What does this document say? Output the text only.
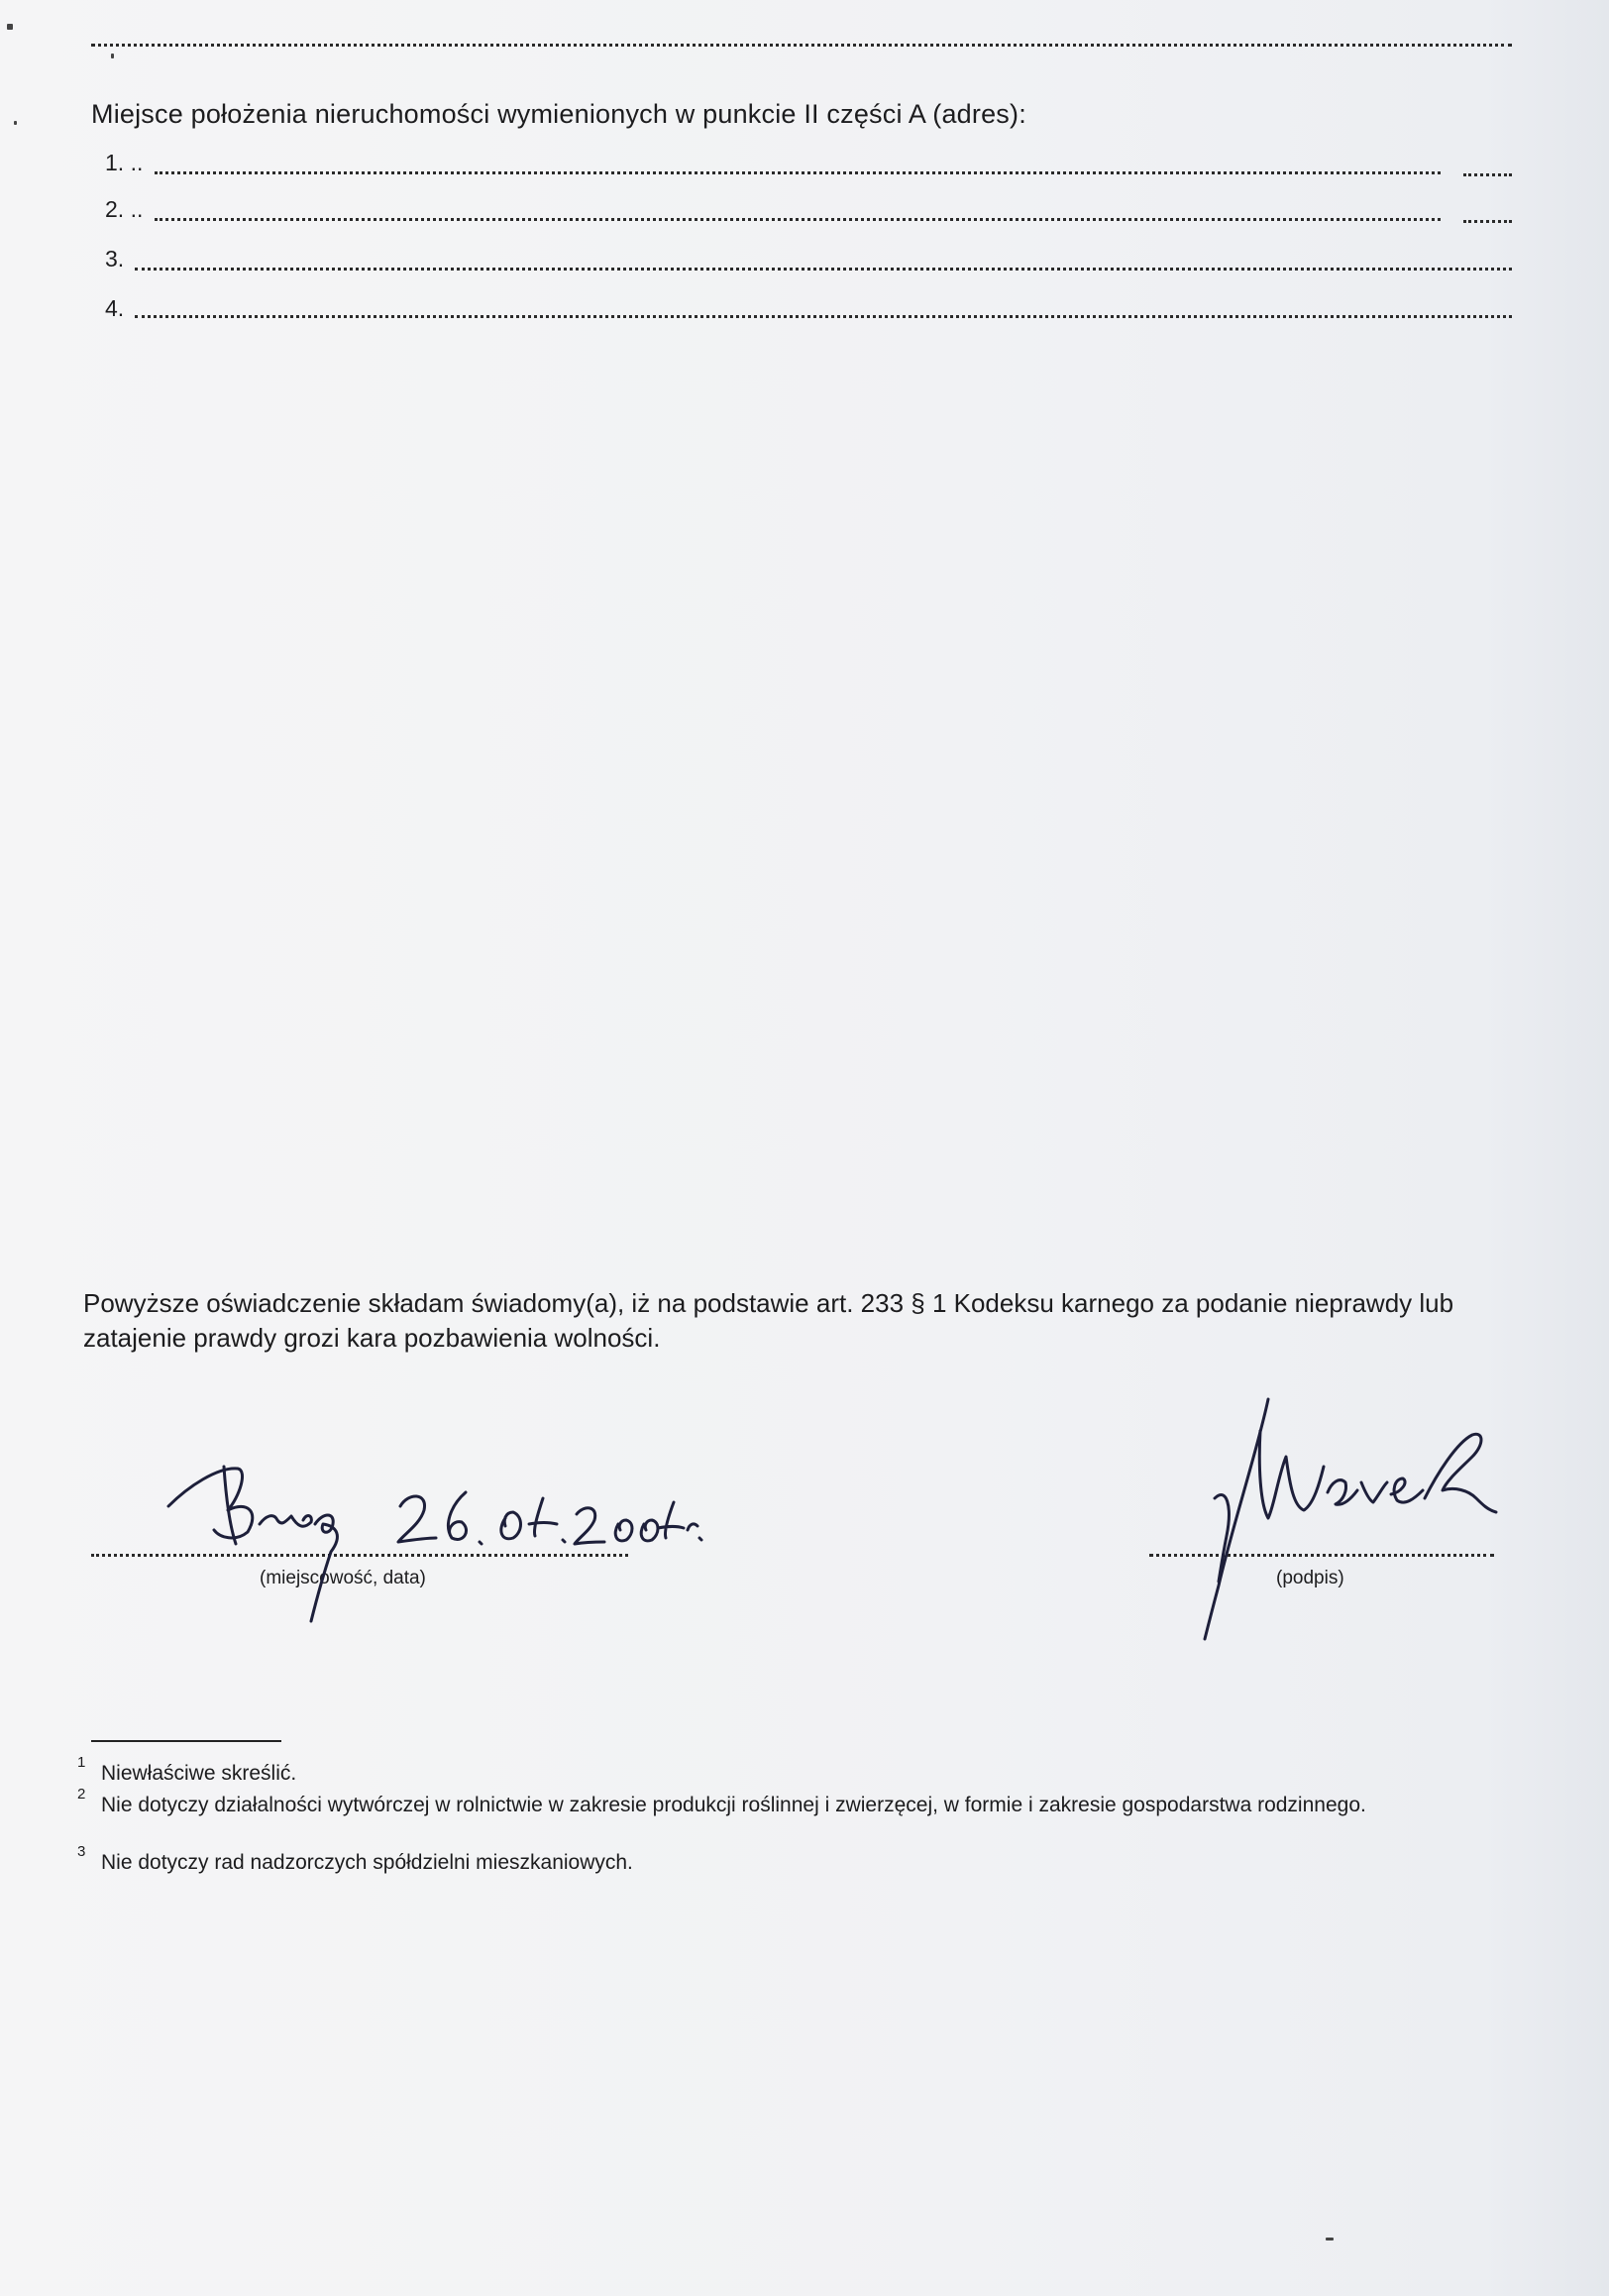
Miejsce położenia nieruchomości wymienionych w punkcie II części A (adres):
1. ..
2. ..
3.
4.
Powyższe oświadczenie składam świadomy(a), iż na podstawie art. 233 § 1 Kodeksu karnego za podanie nieprawdy lub zatajenie prawdy grozi kara pozbawienia wolności.
(miejscowość, data)	(podpis)
1 Niewłaściwe skreślić.
2 Nie dotyczy działalności wytwórczej w rolnictwie w zakresie produkcji roślinnej i zwierzęcej, w formie i zakresie gospodarstwa rodzinnego.
3 Nie dotyczy rad nadzorczych spółdzielni mieszkaniowych.
